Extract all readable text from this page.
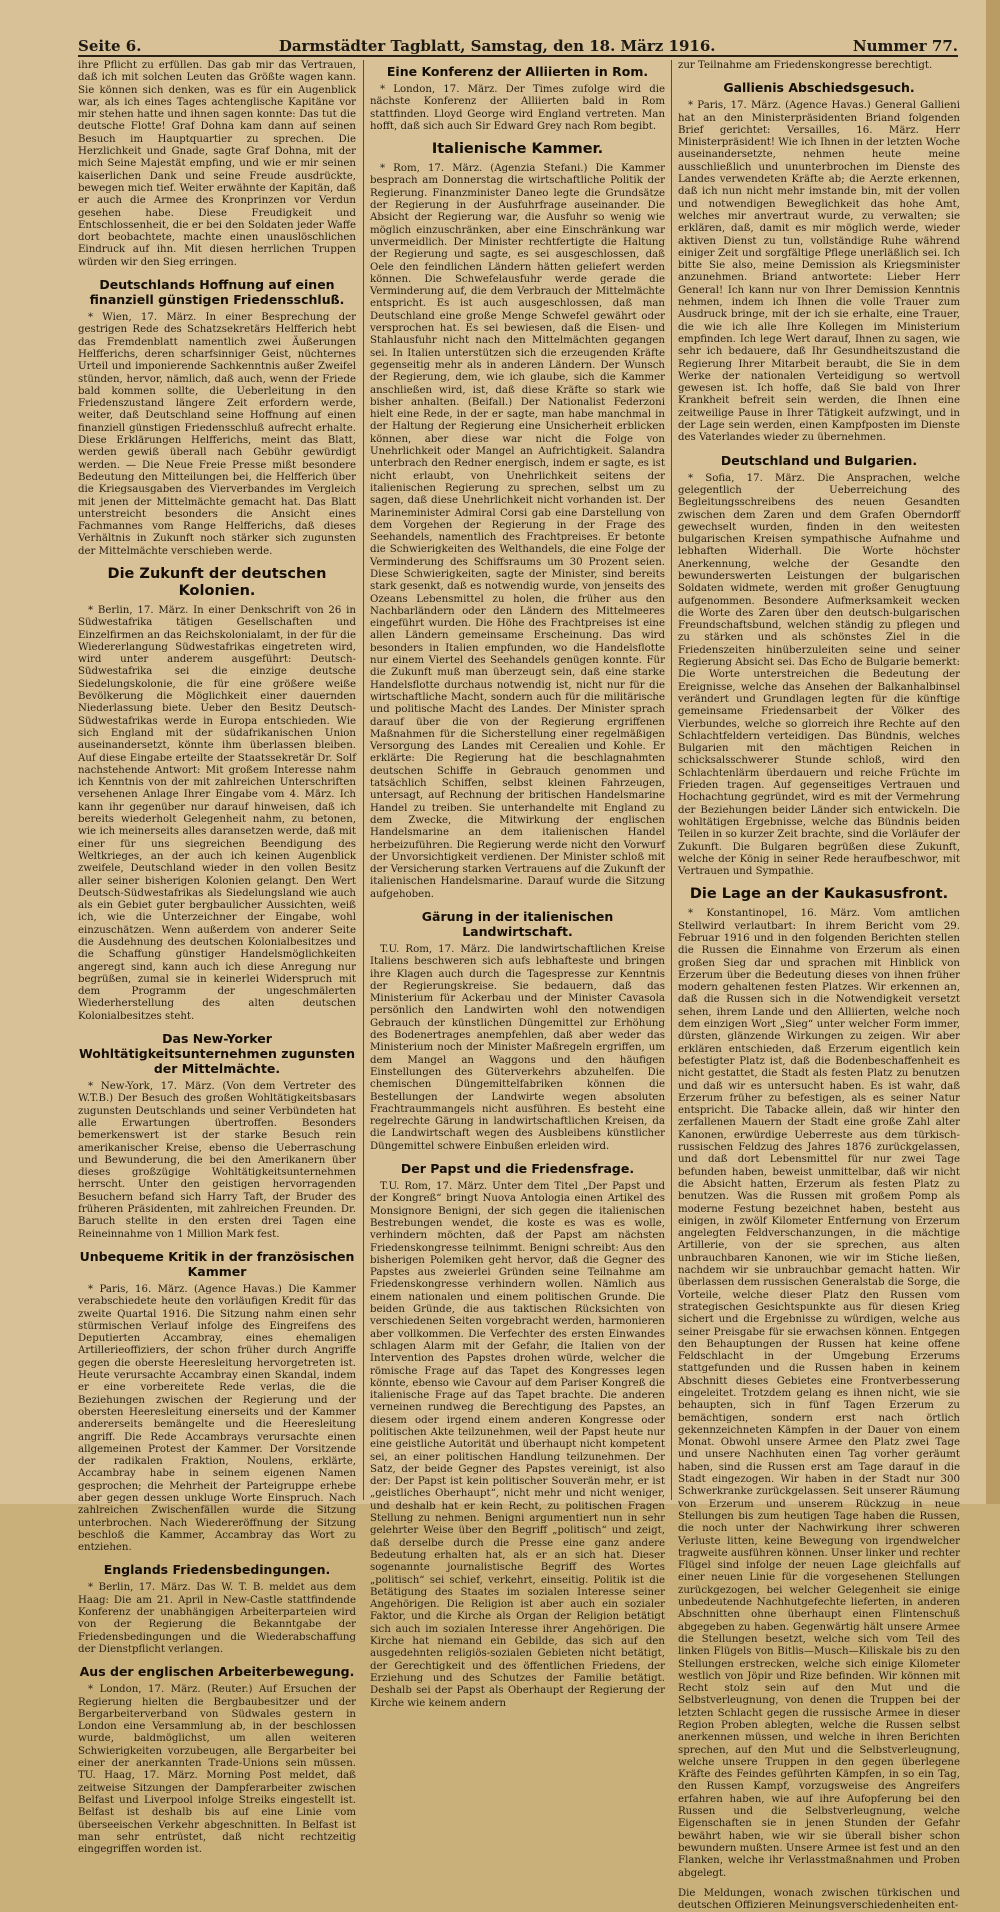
Seite 6.	Darmstädter Tagblatt, Samstag, den 18. März 1916.	Nummer 77.

ihre Pflicht zu erfüllen. Das gab mir das Vertrauen, daß ich mit solchen Leuten das Größte wagen kann. Sie können sich denken, was es für ein Augenblick war, als ich eines Tages achtenglische Kapitäne vor mir stehen hatte und ihnen sagen konnte: Das tut die deutsche Flotte! Graf Dohna kam dann auf seinen Besuch im Hauptquartier zu sprechen. Die Herzlichkeit und Gnade, sagte Graf Dohna, mit der mich Seine Majestät empfing, und wie er mir seinen kaiserlichen Dank und seine Freude ausdrückte, bewegen mich tief. Weiter erwähnte der Kapitän, daß er auch die Armee des Kronprinzen vor Verdun gesehen habe. Diese Freudigkeit und Entschlossenheit, die er bei den Soldaten jeder Waffe dort beobachtete, machte einen unauslöschlichen Eindruck auf ihn. Mit diesen herrlichen Truppen würden wir den Sieg erringen.

Deutschlands Hoffnung auf einen finanziell günstigen Friedensschluß.

* Wien, 17. März. In einer Besprechung der gestrigen Rede des Schatzsekretärs Helfferich hebt das Fremdenblatt namentlich zwei Äußerungen Helfferichs, deren scharfsinniger Geist, nüchternes Urteil und imponierende Sachkenntnis außer Zweifel stünden, hervor, nämlich, daß auch, wenn der Friede bald kommen sollte, die Ueberleitung in den Friedenszustand längere Zeit erfordern werde, weiter, daß Deutschland seine Hoffnung auf einen finanziell günstigen Friedensschluß aufrecht erhalte. Diese Erklärungen Helfferichs, meint das Blatt, werden gewiß überall nach Gebühr gewürdigt werden. — Die Neue Freie Presse mißt besondere Bedeutung den Mitteilungen bei, die Helfferich über die Kriegsausgaben des Vierverbandes im Vergleich mit jenen der Mittelmächte gemacht hat. Das Blatt unterstreicht besonders die Ansicht eines Fachmannes vom Range Helfferichs, daß dieses Verhältnis in Zukunft noch stärker sich zugunsten der Mittelmächte verschieben werde.

Die Zukunft der deutschen Kolonien.

* Berlin, 17. März. In einer Denkschrift von 26 in Südwestafrika tätigen Gesellschaften und Einzelfirmen an das Reichskolonialamt, in der für die Wiedererlangung Südwestafrikas eingetreten wird, wird unter anderem ausgeführt: Deutsch-Südwestafrika sei die einzige deutsche Siedelungskolonie, die für eine größere weiße Bevölkerung die Möglichkeit einer dauernden Niederlassung biete. Ueber den Besitz Deutsch-Südwestafrikas werde in Europa entschieden. Wie sich England mit der südafrikanischen Union auseinandersetzt, könnte ihm überlassen bleiben. Auf diese Eingabe erteilte der Staatssekretär Dr. Solf nachstehende Antwort: Mit großem Interesse nahm ich Kenntnis von der mit zahlreichen Unterschriften versehenen Anlage Ihrer Eingabe vom 4. März. Ich kann ihr gegenüber nur darauf hinweisen, daß ich bereits wiederholt Gelegenheit nahm, zu betonen, wie ich meinerseits alles daransetzen werde, daß mit einer für uns siegreichen Beendigung des Weltkrieges, an der auch ich keinen Augenblick zweifele, Deutschland wieder in den vollen Besitz aller seiner bisherigen Kolonien gelangt. Den Wert Deutsch-Südwestafrikas als Siedelungsland wie auch als ein Gebiet guter bergbaulicher Aussichten, weiß ich, wie die Unterzeichner der Eingabe, wohl einzuschätzen. Wenn außerdem von anderer Seite die Ausdehnung des deutschen Kolonialbesitzes und die Schaffung günstiger Handelsmöglichkeiten angeregt sind, kann auch ich diese Anregung nur begrüßen, zumal sie in keinerlei Widerspruch mit dem Programm der ungeschmälerten Wiederherstellung des alten deutschen Kolonialbesitzes steht.

Das New-Yorker Wohltätigkeitsunternehmen zugunsten der Mittelmächte.

* New-York, 17. März. (Von dem Vertreter des W.T.B.) Der Besuch des großen Wohltätigkeitsbasars zugunsten Deutschlands und seiner Verbündeten hat alle Erwartungen übertroffen. Besonders bemerkenswert ist der starke Besuch rein amerikanischer Kreise, ebenso die Ueberraschung und Bewunderung, die bei den Amerikanern über dieses großzügige Wohltätigkeitsunternehmen herrscht. Unter den geistigen hervorragenden Besuchern befand sich Harry Taft, der Bruder des früheren Präsidenten, mit zahlreichen Freunden. Dr. Baruch stellte in den ersten drei Tagen eine Reineinnahme von 1 Million Mark fest.

Unbequeme Kritik in der französischen Kammer

* Paris, 16. März. (Agence Havas.) Die Kammer verabschiedete heute den vorläufigen Kredit für das zweite Quartal 1916. Die Sitzung nahm einen sehr stürmischen Verlauf infolge des Eingreifens des Deputierten Accambray, eines ehemaligen Artillerieoffiziers, der schon früher durch Angriffe gegen die oberste Heeresleitung hervorgetreten ist. Heute verursachte Accambray einen Skandal, indem er eine vorbereitete Rede verlas, die die Beziehungen zwischen der Regierung und der obersten Heeresleitung einerseits und der Kammer andererseits bemängelte und die Heeresleitung angriff. Die Rede Accambrays verursachte einen allgemeinen Protest der Kammer. Der Vorsitzende der radikalen Fraktion, Noulens, erklärte, Accambray habe in seinem eigenen Namen gesprochen; die Mehrheit der Parteigruppe erhebe aber gegen dessen unkluge Worte Einspruch. Nach zahlreichen Zwischenfällen wurde die Sitzung unterbrochen. Nach Wiedereröffnung der Sitzung beschloß die Kammer, Accambray das Wort zu entziehen.

Englands Friedensbedingungen.

* Berlin, 17. März. Das W. T. B. meldet aus dem Haag: Die am 21. April in New-Castle stattfindende Konferenz der unabhängigen Arbeiterparteien wird von der Regierung die Bekanntgabe der Friedensbedingungen und die Wiederabschaffung der Dienstpflicht verlangen.

Aus der englischen Arbeiterbewegung.

* London, 17. März. (Reuter.) Auf Ersuchen der Regierung hielten die Bergbaubesitzer und der Bergarbeiterverband von Südwales gestern in London eine Versammlung ab, in der beschlossen wurde, baldmöglichst, um allen weiteren Schwierigkeiten vorzubeugen, alle Bergarbeiter bei einer der anerkannten Trade-Unions sein müssen. TU. Haag, 17. März. Morning Post meldet, daß zeitweise Sitzungen der Dampferarbeiter zwischen Belfast und Liverpool infolge Streiks eingestellt ist. Belfast ist deshalb bis auf eine Linie vom überseeischen Verkehr abgeschnitten. In Belfast ist man sehr entrüstet, daß nicht rechtzeitig eingegriffen worden ist.

Eine Konferenz der Alliierten in Rom.

* London, 17. März. Der Times zufolge wird die nächste Konferenz der Alliierten bald in Rom stattfinden. Lloyd George wird England vertreten. Man hofft, daß sich auch Sir Edward Grey nach Rom begibt.

Italienische Kammer.

* Rom, 17. März. (Agenzia Stefani.) Die Kammer besprach am Donnerstag die wirtschaftliche Politik der Regierung. Finanzminister Daneo legte die Grundsätze der Regierung in der Ausfuhrfrage auseinander. Die Absicht der Regierung war, die Ausfuhr so wenig wie möglich einzuschränken, aber eine Einschränkung war unvermeidlich. Der Minister rechtfertigte die Haltung der Regierung und sagte, es sei ausgeschlossen, daß Oele den feindlichen Ländern hätten geliefert werden können. Die Schwefelausfuhr werde gerade die Verminderung auf, die dem Verbrauch der Mittelmächte entspricht. Es ist auch ausgeschlossen, daß man Deutschland eine große Menge Schwefel gewährt oder versprochen hat. Es sei bewiesen, daß die Eisen- und Stahlausfuhr nicht nach den Mittelmächten gegangen sei. In Italien unterstützen sich die erzeugenden Kräfte gegenseitig mehr als in anderen Ländern. Der Wunsch der Regierung, dem, wie ich glaube, sich die Kammer anschließen wird, ist, daß diese Kräfte so stark wie bisher anhalten. (Beifall.) Der Nationalist Federzoni hielt eine Rede, in der er sagte, man habe manchmal in der Haltung der Regierung eine Unsicherheit erblicken können, aber diese war nicht die Folge von Unehrlichkeit oder Mangel an Aufrichtigkeit. Salandra unterbrach den Redner energisch, indem er sagte, es ist nicht erlaubt, von Unehrlichkeit seitens der italienischen Regierung zu sprechen, selbst um zu sagen, daß diese Unehrlichkeit nicht vorhanden ist. Der Marineminister Admiral Corsi gab eine Darstellung von dem Vorgehen der Regierung in der Frage des Seehandels, namentlich des Frachtpreises. Er betonte die Schwierigkeiten des Welthandels, die eine Folge der Verminderung des Schiffsraums um 30 Prozent seien. Diese Schwierigkeiten, sagte der Minister, sind bereits stark gesenkt, daß es notwendig wurde, von jenseits des Ozeans Lebensmittel zu holen, die früher aus den Nachbarländern oder den Ländern des Mittelmeeres eingeführt wurden. Die Höhe des Frachtpreises ist eine allen Ländern gemeinsame Erscheinung. Das wird besonders in Italien empfunden, wo die Handelsflotte nur einem Viertel des Seehandels genügen konnte. Für die Zukunft muß man überzeugt sein, daß eine starke Handelsflotte durchaus notwendig ist, nicht nur für die wirtschaftliche Macht, sondern auch für die militärische und politische Macht des Landes. Der Minister sprach darauf über die von der Regierung ergriffenen Maßnahmen für die Sicherstellung einer regelmäßigen Versorgung des Landes mit Cerealien und Kohle. Er erklärte: Die Regierung hat die beschlagnahmten deutschen Schiffe in Gebrauch genommen und tatsächlich Schiffen, selbst kleinen Fahrzeugen, untersagt, auf Rechnung der britischen Handelsmarine Handel zu treiben. Sie unterhandelte mit England zu dem Zwecke, die Mitwirkung der englischen Handelsmarine an dem italienischen Handel herbeizuführen. Die Regierung werde nicht den Vorwurf der Unvorsichtigkeit verdienen. Der Minister schloß mit der Versicherung starken Vertrauens auf die Zukunft der italienischen Handelsmarine. Darauf wurde die Sitzung aufgehoben.

Gärung in der italienischen Landwirtschaft.

T.U. Rom, 17. März. Die landwirtschaftlichen Kreise Italiens beschweren sich aufs lebhafteste und bringen ihre Klagen auch durch die Tagespresse zur Kenntnis der Regierungskreise. Sie bedauern, daß das Ministerium für Ackerbau und der Minister Cavasola persönlich den Landwirten wohl den notwendigen Gebrauch der künstlichen Düngemittel zur Erhöhung des Bodenertrages anempfehlen, daß aber weder das Ministerium noch der Minister Maßregeln ergriffen, um dem Mangel an Waggons und den häufigen Einstellungen des Güterverkehrs abzuhelfen. Die chemischen Düngemittelfabriken können die Bestellungen der Landwirte wegen absoluten Frachtraummangels nicht ausführen. Es besteht eine regelrechte Gärung in landwirtschaftlichen Kreisen, da die Landwirtschaft wegen des Ausbleibens künstlicher Düngemittel schwere Einbußen erleiden wird.

Der Papst und die Friedensfrage.

T.U. Rom, 17. März. Unter dem Titel „Der Papst und der Kongreß“ bringt Nuova Antologia einen Artikel des Monsignore Benigni, der sich gegen die italienischen Bestrebungen wendet, die koste es was es wolle, verhindern möchten, daß der Papst am nächsten Friedenskongresse teilnimmt. Benigni schreibt: Aus den bisherigen Polemiken geht hervor, daß die Gegner des Papstes aus zweierlei Gründen seine Teilnahme am Friedenskongresse verhindern wollen. Nämlich aus einem nationalen und einem politischen Grunde. Die beiden Gründe, die aus taktischen Rücksichten von verschiedenen Seiten vorgebracht werden, harmonieren aber vollkommen. Die Verfechter des ersten Einwandes schlagen Alarm mit der Gefahr, die Italien von der Intervention des Papstes drohen würde, welcher die römische Frage auf das Tapet des Kongresses legen könnte, ebenso wie Cavour auf dem Pariser Kongreß die italienische Frage auf das Tapet brachte. Die anderen verneinen rundweg die Berechtigung des Papstes, an diesem oder irgend einem anderen Kongresse oder politischen Akte teilzunehmen, weil der Papst heute nur eine geistliche Autorität und überhaupt nicht kompetent sei, an einer politischen Handlung teilzunehmen. Der Satz, der beide Gegner des Papstes vereinigt, ist also der: Der Papst ist kein politischer Souverän mehr, er ist „geistliches Oberhaupt“, nicht mehr und nicht weniger, und deshalb hat er kein Recht, zu politischen Fragen Stellung zu nehmen. Benigni argumentiert nun in sehr gelehrter Weise über den Begriff „politisch“ und zeigt, daß derselbe durch die Presse eine ganz andere Bedeutung erhalten hat, als er an sich hat. Dieser sogenannte journalistische Begriff des Wortes „politisch“ sei schief, verkehrt, einseitig. Politik ist die Betätigung des Staates im sozialen Interesse seiner Angehörigen. Die Religion ist aber auch ein sozialer Faktor, und die Kirche als Organ der Religion betätigt sich auch im sozialen Interesse ihrer Angehörigen. Die Kirche hat niemand ein Gebilde, das sich auf den ausgedehnten religiös-sozialen Gebieten nicht betätigt, der Gerechtigkeit und des öffentlichen Friedens, der Erziehung und des Schutzes der Familie betätigt. Deshalb sei der Papst als Oberhaupt der Regierung der Kirche wie keinem andern

zur Teilnahme am Friedenskongresse berechtigt.

Gallienis Abschiedsgesuch.

* Paris, 17. März. (Agence Havas.) General Gallieni hat an den Ministerpräsidenten Briand folgenden Brief gerichtet: Versailles, 16. März. Herr Ministerpräsident! Wie ich Ihnen in der letzten Woche auseinandersetzte, nehmen heute meine ausschließlich und ununterbrochen im Dienste des Landes verwendeten Kräfte ab; die Aerzte erkennen, daß ich nun nicht mehr imstande bin, mit der vollen und notwendigen Beweglichkeit das hohe Amt, welches mir anvertraut wurde, zu verwalten; sie erklären, daß, damit es mir möglich werde, wieder aktiven Dienst zu tun, vollständige Ruhe während einiger Zeit und sorgfältige Pflege unerläßlich sei. Ich bitte Sie also, meine Demission als Kriegsminister anzunehmen. Briand antwortete: Lieber Herr General! Ich kann nur von Ihrer Demission Kenntnis nehmen, indem ich Ihnen die volle Trauer zum Ausdruck bringe, mit der ich sie erhalte, eine Trauer, die wie ich alle Ihre Kollegen im Ministerium empfinden. Ich lege Wert darauf, Ihnen zu sagen, wie sehr ich bedauere, daß Ihr Gesundheitszustand die Regierung Ihrer Mitarbeit beraubt, die Sie in dem Werke der nationalen Verteidigung so wertvoll gewesen ist. Ich hoffe, daß Sie bald von Ihrer Krankheit befreit sein werden, die Ihnen eine zeitweilige Pause in Ihrer Tätigkeit aufzwingt, und in der Lage sein werden, einen Kampfposten im Dienste des Vaterlandes wieder zu übernehmen.

Deutschland und Bulgarien.

* Sofia, 17. März. Die Ansprachen, welche gelegentlich der Ueberreichung des Begleitungsschreibens des neuen Gesandten zwischen dem Zaren und dem Grafen Oberndorff gewechselt wurden, finden in den weitesten bulgarischen Kreisen sympathische Aufnahme und lebhaften Widerhall. Die Worte höchster Anerkennung, welche der Gesandte den bewunderswerten Leistungen der bulgarischen Soldaten widmete, werden mit großer Genugtuung aufgenommen. Besondere Aufmerksamkeit wecken die Worte des Zaren über den deutsch-bulgarischen Freundschaftsbund, welchen ständig zu pflegen und zu stärken und als schönstes Ziel in die Friedenszeiten hinüberzuleiten seine und seiner Regierung Absicht sei. Das Echo de Bulgarie bemerkt: Die Worte unterstreichen die Bedeutung der Ereignisse, welche das Ansehen der Balkanhalbinsel verändert und Grundlagen legten für die künftige gemeinsame Friedensarbeit der Völker des Vierbundes, welche so glorreich ihre Rechte auf den Schlachtfeldern verteidigen. Das Bündnis, welches Bulgarien mit den mächtigen Reichen in schicksalsschwerer Stunde schloß, wird den Schlachtenlärm überdauern und reiche Früchte im Frieden tragen. Auf gegenseitiges Vertrauen und Hochachtung gegründet, wird es mit der Vermehrung der Beziehungen beider Länder sich entwickeln. Die wohltätigen Ergebnisse, welche das Bündnis beiden Teilen in so kurzer Zeit brachte, sind die Vorläufer der Zukunft. Die Bulgaren begrüßen diese Zukunft, welche der König in seiner Rede heraufbeschwor, mit Vertrauen und Sympathie.

Die Lage an der Kaukasusfront.

* Konstantinopel, 16. März. Vom amtlichen Stellwird verlautbart: In ihrem Bericht vom 29. Februar 1916 und in den folgenden Berichten stellen die Russen die Einnahme von Erzerum als einen großen Sieg dar und sprachen mit Hinblick von Erzerum über die Bedeutung dieses von ihnen früher modern gehaltenen festen Platzes. Wir erkennen an, daß die Russen sich in die Notwendigkeit versetzt sehen, ihrem Lande und den Alliierten, welche noch dem einzigen Wort „Sieg“ unter welcher Form immer, dürsten, glänzende Wirkungen zu zeigen. Wir aber erklären entschieden, daß Erzerum eigentlich kein befestigter Platz ist, daß die Bodenbeschaffenheit es nicht gestattet, die Stadt als festen Platz zu benutzen und daß wir es untersucht haben. Es ist wahr, daß Erzerum früher zu befestigen, als es seiner Natur entspricht. Die Tabacke allein, daß wir hinter den zerfallenen Mauern der Stadt eine große Zahl alter Kanonen, erwürdige Ueberreste aus dem türkisch-russischen Feldzug des Jahres 1876 zurückgelassen, und daß dort Lebensmittel für nur zwei Tage befunden haben, beweist unmittelbar, daß wir nicht die Absicht hatten, Erzerum als festen Platz zu benutzen. Was die Russen mit großem Pomp als moderne Festung bezeichnet haben, besteht aus einigen, in zwölf Kilometer Entfernung von Erzerum angelegten Feldverschanzungen, in die mächtige Artillerie, von der sie sprechen, aus alten unbrauchbaren Kanonen, wie wir im Stiche ließen, nachdem wir sie unbrauchbar gemacht hatten. Wir überlassen dem russischen Generalstab die Sorge, die Vorteile, welche dieser Platz den Russen vom strategischen Gesichtspunkte aus für diesen Krieg sichert und die Ergebnisse zu würdigen, welche aus seiner Preisgabe für sie erwachsen können. Entgegen den Behauptungen der Russen hat keine offene Feldschlacht in der Umgebung Erzerums stattgefunden und die Russen haben in keinem Abschnitt dieses Gebietes eine Frontverbesserung eingeleitet. Trotzdem gelang es ihnen nicht, wie sie behaupten, sich in fünf Tagen Erzerum zu bemächtigen, sondern erst nach örtlich gekennzeichneten Kämpfen in der Dauer von einem Monat. Obwohl unsere Armee den Platz zwei Tage und unsere Nachhuten einen Tag vorher geräumt haben, sind die Russen erst am Tage darauf in die Stadt eingezogen. Wir haben in der Stadt nur 300 Schwerkranke zurückgelassen. Seit unserer Räumung von Erzerum und unserem Rückzug in neue Stellungen bis zum heutigen Tage haben die Russen, die noch unter der Nachwirkung ihrer schweren Verluste litten, keine Bewegung von irgendwelcher tragweite ausführen können. Unser linker und rechter Flügel sind infolge der neuen Lage gleichfalls auf einer neuen Linie für die vorgesehenen Stellungen zurückgezogen, bei welcher Gelegenheit sie einige unbedeutende Nachhutgefechte lieferten, in anderen Abschnitten ohne überhaupt einen Flintenschuß abgegeben zu haben. Gegenwärtig hält unsere Armee die Stellungen besetzt, welche sich vom Teil des linken Flügels von Bitlis—Musch—Kiliskale bis zu den Stellungen erstrecken, welche sich einige Kilometer westlich von Jöpir und Rize befinden. Wir können mit Recht stolz sein auf den Mut und die Selbstverleugnung, von denen die Truppen bei der letzten Schlacht gegen die russische Armee in dieser Region Proben ablegten, welche die Russen selbst anerkennen müssen, und welche in ihren Berichten sprechen, auf den Mut und die Selbstverleugnung, welche unsere Truppen in den gegen überlegene Kräfte des Feindes geführten Kämpfen, in so ein Tag, den Russen Kampf, vorzugsweise des Angreifers erfahren haben, wie auf ihre Aufopferung bei den Russen und die Selbstverleugnung, welche Eigenschaften sie in jenen Stunden der Gefahr bewährt haben, wie wir sie überall bisher schon bewundern mußten. Unsere Armee ist fest und an den Flanken, welche ihr Verlasstmaßnahmen und Proben abgelegt.

Die Meldungen, wonach zwischen türkischen und deutschen Offizieren Meinungsverschiedenheiten ent-
